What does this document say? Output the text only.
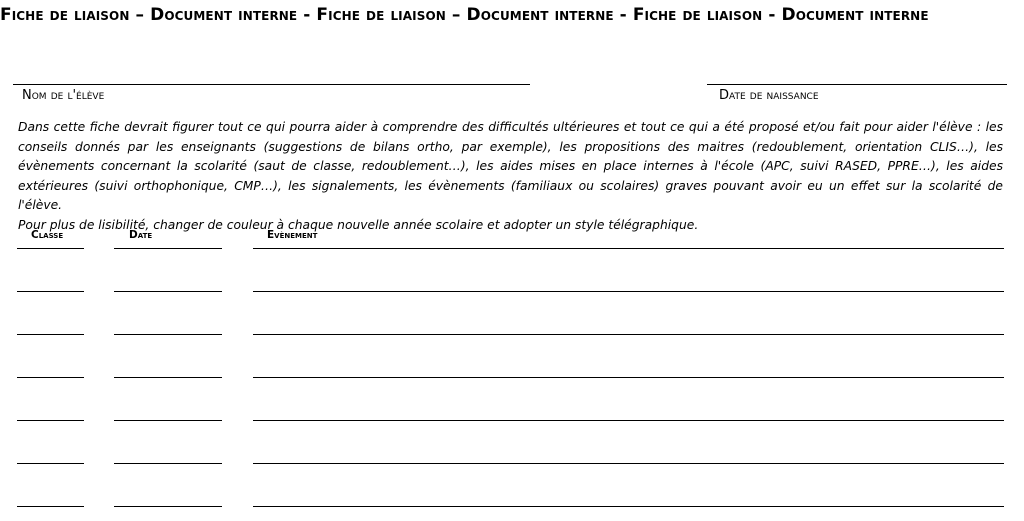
Fiche de liaison – Document interne - Fiche de liaison – Document interne - Fiche de liaison - Document interne
Nom de l'élève	Date de naissance

Dans cette fiche devrait figurer tout ce qui pourra aider à comprendre des difficultés ultérieures et tout ce qui a été proposé et/ou fait pour aider l'élève : les conseils donnés par les enseignants (suggestions de bilans ortho, par exemple), les propositions des maitres (redoublement, orientation CLIS…), les évènements concernant la scolarité (saut de classe, redoublement…), les aides mises en place internes à l'école (APC, suivi RASED, PPRE…), les aides extérieures (suivi orthophonique, CMP…), les signalements, les évènements (familiaux ou scolaires) graves pouvant avoir eu un effet sur la scolarité de l'élève.

Pour plus de lisibilité, changer de couleur à chaque nouvelle année scolaire et adopter un style télégraphique.

Classe	Date	Evènement
